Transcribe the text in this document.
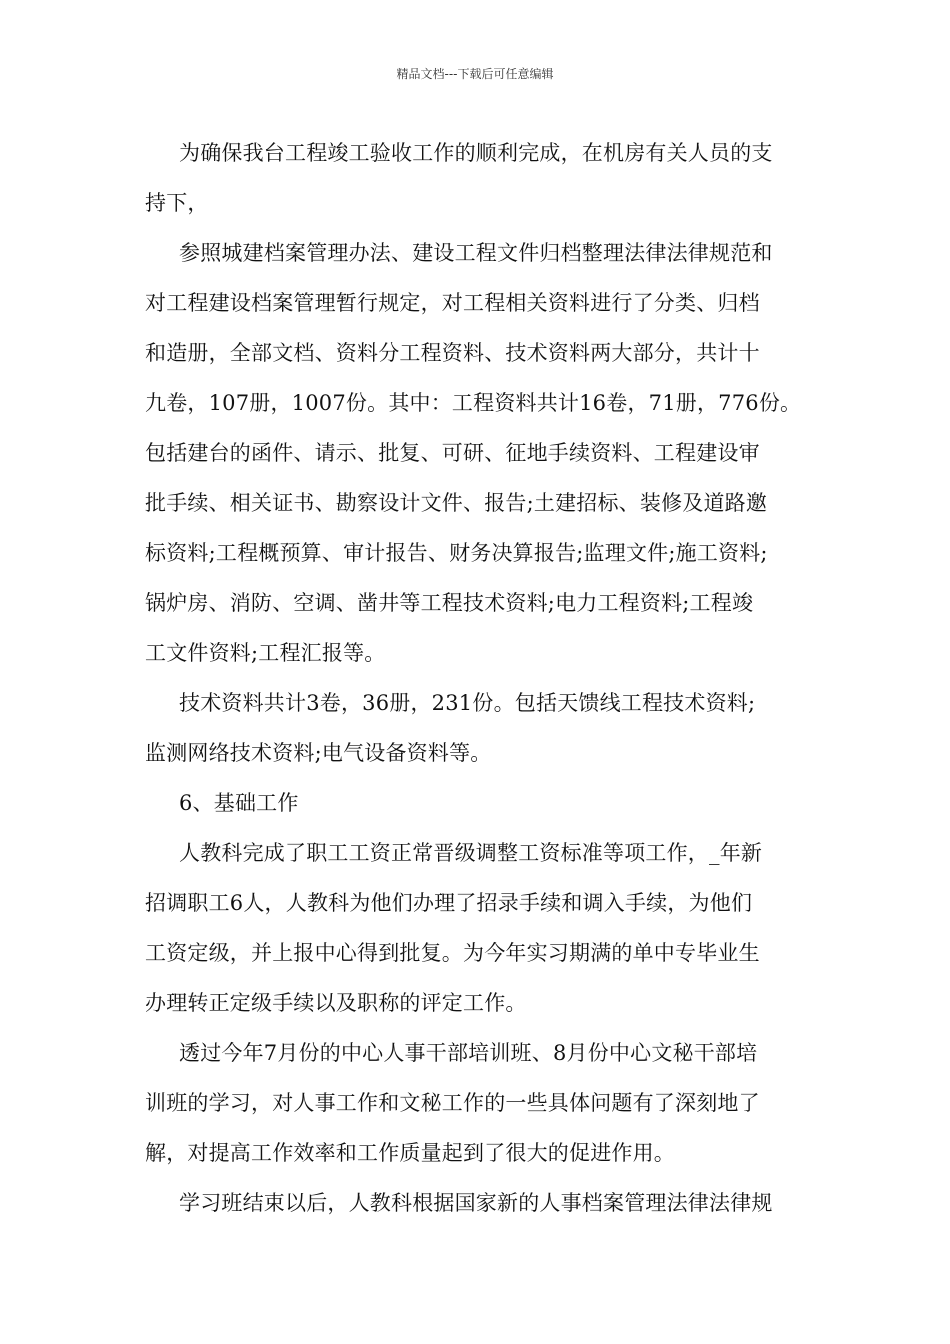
精品文档---下载后可任意编辑
为确保我台工程竣工验收工作的顺利完成，在机房有关人员的支
持下，
参照城建档案管理办法、建设工程文件归档整理法律法律规范和
对工程建设档案管理暂行规定，对工程相关资料进行了分类、归档
和造册，全部文档、资料分工程资料、技术资料两大部分，共计十
九卷，107册，1007份。其中：工程资料共计16卷，71册，776份。
包括建台的函件、请示、批复、可研、征地手续资料、工程建设审
批手续、相关证书、勘察设计文件、报告;土建招标、装修及道路邀
标资料;工程概预算、审计报告、财务决算报告;监理文件;施工资料;
锅炉房、消防、空调、凿井等工程技术资料;电力工程资料;工程竣
工文件资料;工程汇报等。
技术资料共计3卷，36册，231份。包括天馈线工程技术资料;
监测网络技术资料;电气设备资料等。
6、基础工作
人教科完成了职工工资正常晋级调整工资标准等项工作，_年新
招调职工6人，人教科为他们办理了招录手续和调入手续，为他们
工资定级，并上报中心得到批复。为今年实习期满的单中专毕业生
办理转正定级手续以及职称的评定工作。
透过今年7月份的中心人事干部培训班、8月份中心文秘干部培
训班的学习，对人事工作和文秘工作的一些具体问题有了深刻地了
解，对提高工作效率和工作质量起到了很大的促进作用。
学习班结束以后，人教科根据国家新的人事档案管理法律法律规
